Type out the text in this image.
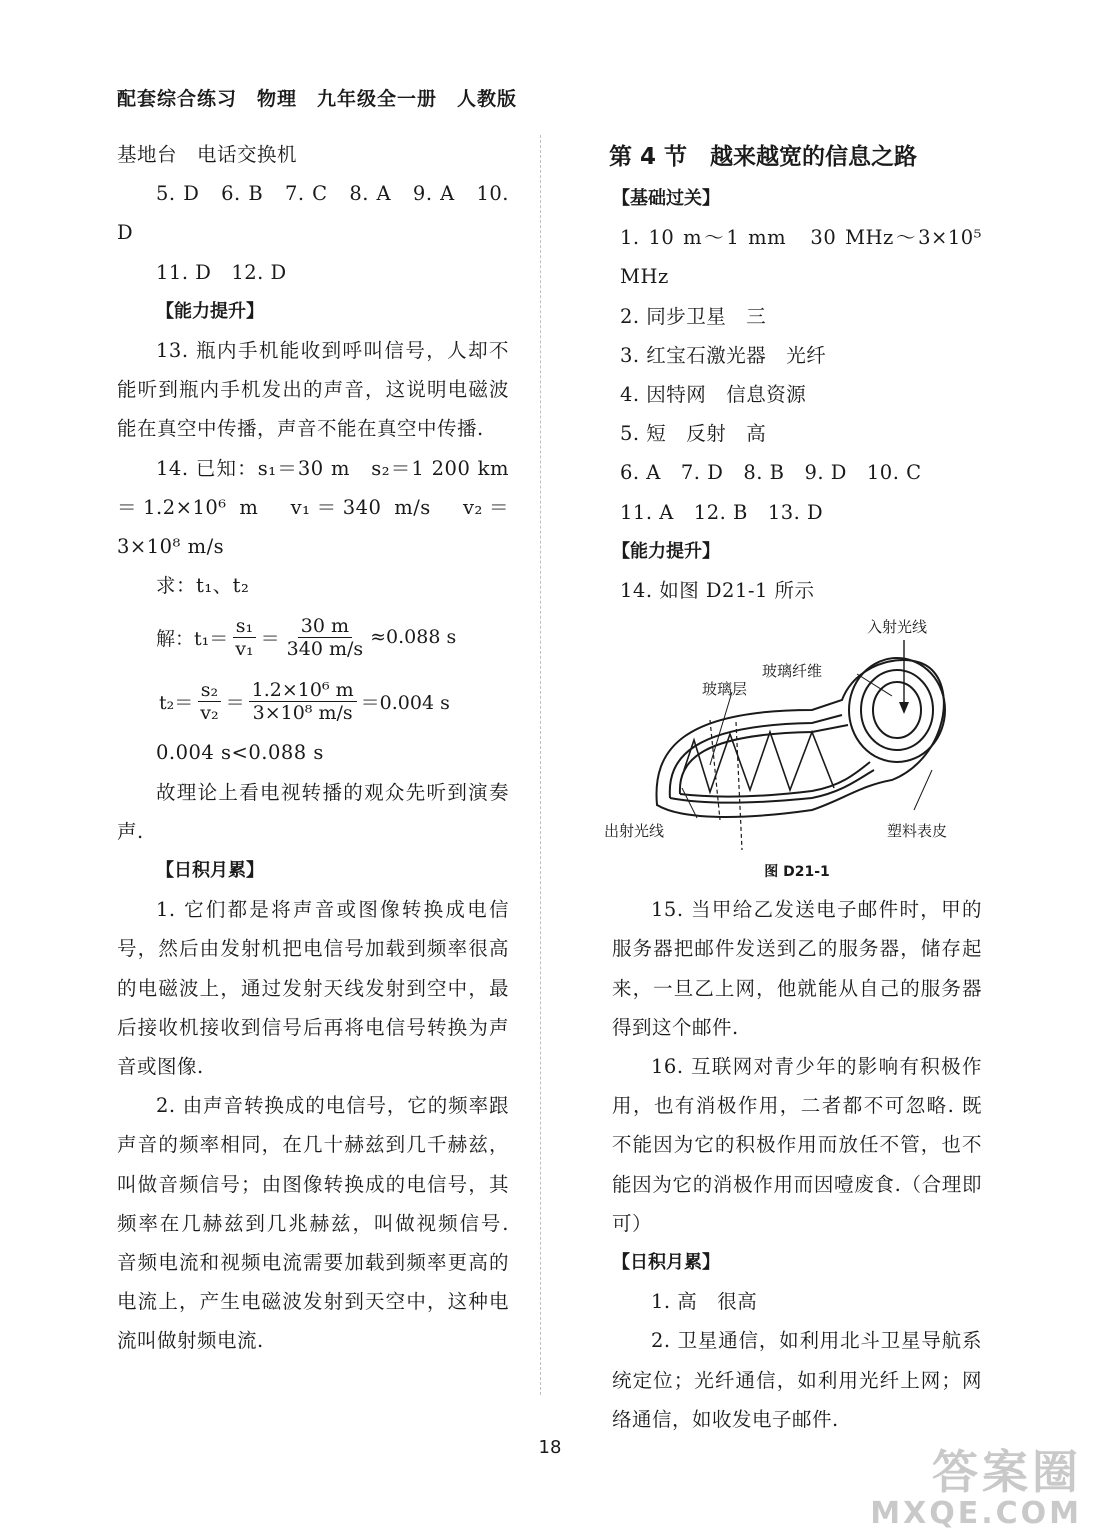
配套综合练习　物理　九年级全一册　人教版

基地台　电话交换机

5. D　6. B　7. C　8. A　9. A　10. D

11. D　12. D

【能力提升】

13. 瓶内手机能收到呼叫信号，人却不能听到瓶内手机发出的声音，这说明电磁波能在真空中传播，声音不能在真空中传播.

14. 已知：s₁＝30 m　s₂＝1 200 km＝1.2×10⁶ m　v₁＝340 m/s　v₂＝3×10⁸ m/s

求：t₁、t₂

解：$t_1= \frac{\text{s₁}}{\text{v₁}} = \frac{30 m}{340 m/s} \approx 0.088$ s
$t_2= \frac{\text{s₂}}{\text{v₂}} = \frac{\text{1.2×10⁶ m}}{\text{3×10⁸ m/s}} =0.004$ s

0.004 s<0.088 s

故理论上看电视转播的观众先听到演奏声.

【日积月累】

1. 它们都是将声音或图像转换成电信号，然后由发射机把电信号加载到频率很高的电磁波上，通过发射天线发射到空中，最后接收机接收到信号后再将电信号转换为声音或图像.

2. 由声音转换成的电信号，它的频率跟声音的频率相同，在几十赫兹到几千赫兹，叫做音频信号；由图像转换成的电信号，其频率在几赫兹到几兆赫兹，叫做视频信号. 音频电流和视频电流需要加载到频率更高的电流上，产生电磁波发射到天空中，这种电流叫做射频电流.

第 4 节　越来越宽的信息之路

【基础过关】

1. 10 m～1 mm　30 MHz～3×10⁵ MHz

2. 同步卫星　三

3. 红宝石激光器　光纤

4. 因特网　信息资源

5. 短　反射　高

6. A　7. D　8. B　9. D　10. C

11. A　12. B　13. D

【能力提升】

14. 如图 D21-1 所示

入射光线
玻璃纤维
玻璃层
出射光线	塑料表皮

图 D21-1

15. 当甲给乙发送电子邮件时，甲的服务器把邮件发送到乙的服务器，储存起来，一旦乙上网，他就能从自己的服务器得到这个邮件.

16. 互联网对青少年的影响有积极作用，也有消极作用，二者都不可忽略. 既不能因为它的积极作用而放任不管，也不能因为它的消极作用而因噎废食.（合理即可）

【日积月累】

1. 高　很高

2. 卫星通信，如利用北斗卫星导航系统定位；光纤通信，如利用光纤上网；网络通信，如收发电子邮件.

18	答案圈
MXQE.COM
